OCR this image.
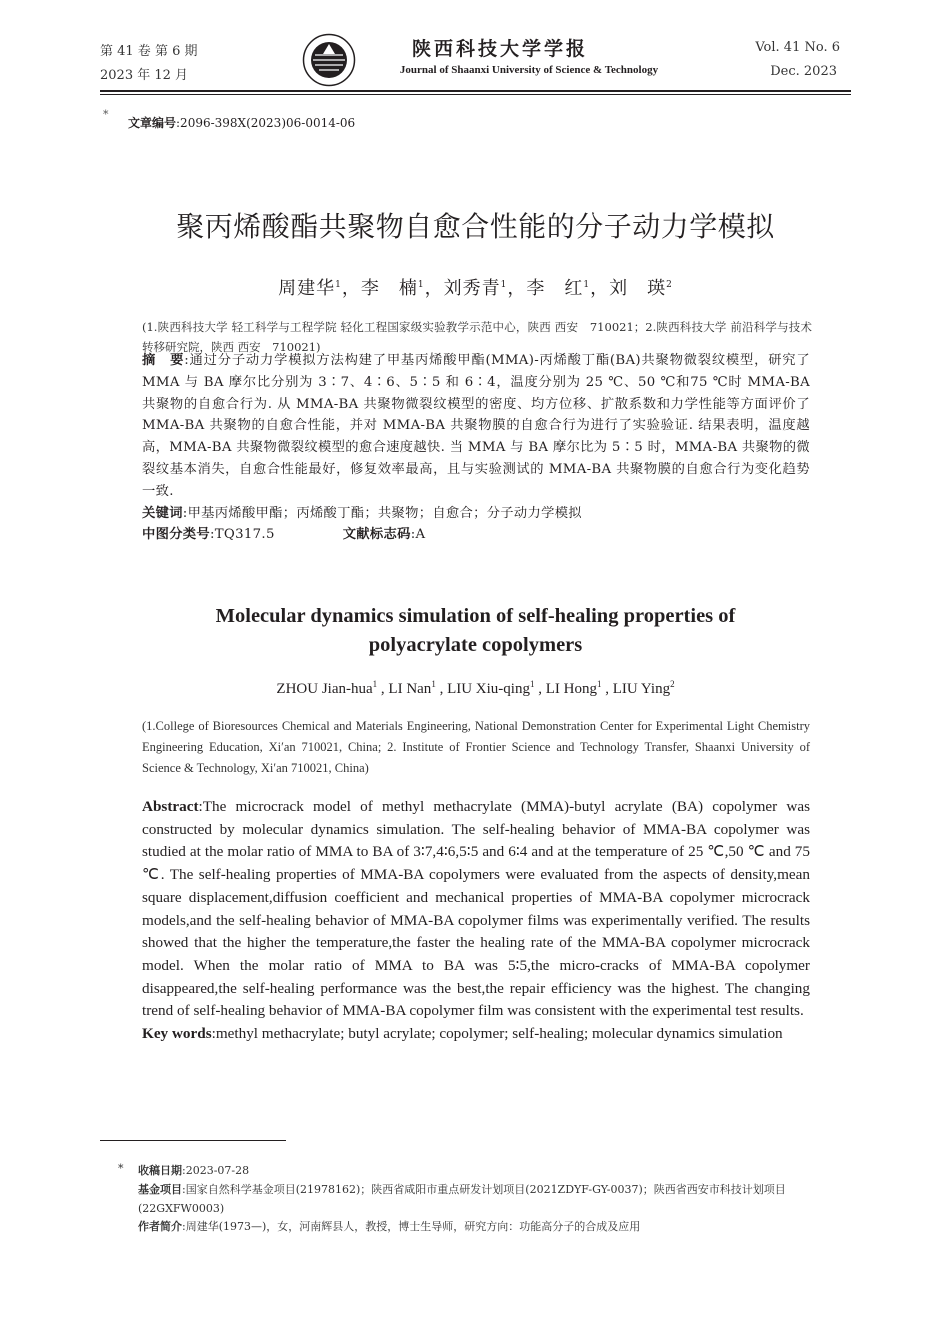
第 41 卷 第 6 期
2023 年 12 月
陕西科技大学学报
Journal of Shaanxi University of Science & Technology
Vol. 41 No. 6
Dec. 2023
*
文章编号:2096-398X(2023)06-0014-06
聚丙烯酸酯共聚物自愈合性能的分子动力学模拟
周建华$^1$，李　楠$^1$，刘秀青$^1$，李　红$^1$，刘　瑛$^2$
(1.陕西科技大学 轻工科学与工程学院 轻化工程国家级实验教学示范中心，陕西 西安　710021；2.陕西科技大学 前沿科学与技术转移研究院，陕西 西安　710021)
摘　要:通过分子动力学模拟方法构建了甲基丙烯酸甲酯(MMA)-丙烯酸丁酯(BA)共聚物微裂纹模型，研究了 MMA 与 BA 摩尔比分别为 3∶7、4∶6、5∶5 和 6∶4，温度分别为 25 ℃、50 ℃和75 ℃时 MMA-BA 共聚物的自愈合行为. 从 MMA-BA 共聚物微裂纹模型的密度、均方位移、扩散系数和力学性能等方面评价了 MMA-BA 共聚物的自愈合性能，并对 MMA-BA 共聚物膜的自愈合行为进行了实验验证. 结果表明，温度越高，MMA-BA 共聚物微裂纹模型的愈合速度越快. 当 MMA 与 BA 摩尔比为 5∶5 时，MMA-BA 共聚物的微裂纹基本消失，自愈合性能最好，修复效率最高，且与实验测试的 MMA-BA 共聚物膜的自愈合行为变化趋势一致.
关键词:甲基丙烯酸甲酯；丙烯酸丁酯；共聚物；自愈合；分子动力学模拟
中图分类号:TQ317.5	文献标志码:A
Molecular dynamics simulation of self-healing properties of
polyacrylate copolymers
ZHOU Jian-hua$^1$ , LI Nan$^1$ , LIU Xiu-qing$^1$ , LI Hong$^1$ , LIU Ying$^2$
(1.College of Bioresources Chemical and Materials Engineering, National Demonstration Center for Experimental Light Chemistry Engineering Education, Xi′an 710021, China; 2. Institute of Frontier Science and Technology Transfer, Shaanxi University of Science & Technology, Xi′an 710021, China)
Abstract:The microcrack model of methyl methacrylate (MMA)-butyl acrylate (BA) copolymer was constructed by molecular dynamics simulation. The self-healing behavior of MMA-BA copolymer was studied at the molar ratio of MMA to BA of 3∶7,4∶6,5∶5 and 6∶4 and at the temperature of 25 ℃,50 ℃ and 75 ℃. The self-healing properties of MMA-BA copolymers were evaluated from the aspects of density,mean square displacement,diffusion coefficient and mechanical properties of MMA-BA copolymer microcrack models,and the self-healing behavior of MMA-BA copolymer films was experimentally verified. The results showed that the higher the temperature,the faster the healing rate of the MMA-BA copolymer microcrack model. When the molar ratio of MMA to BA was 5∶5,the micro-cracks of MMA-BA copolymer disappeared,the self-healing performance was the best,the repair efficiency was the highest. The changing trend of self-healing behavior of MMA-BA copolymer film was consistent with the experimental test results.
Key words:methyl methacrylate; butyl acrylate; copolymer; self-healing; molecular dynamics simulation
* 收稿日期:2023-07-28
基金项目:国家自然科学基金项目(21978162)；陕西省咸阳市重点研发计划项目(2021ZDYF-GY-0037)；陕西省西安市科技计划项目(22GXFW0003)
作者简介:周建华(1973—)，女，河南辉县人，教授，博士生导师，研究方向：功能高分子的合成及应用
